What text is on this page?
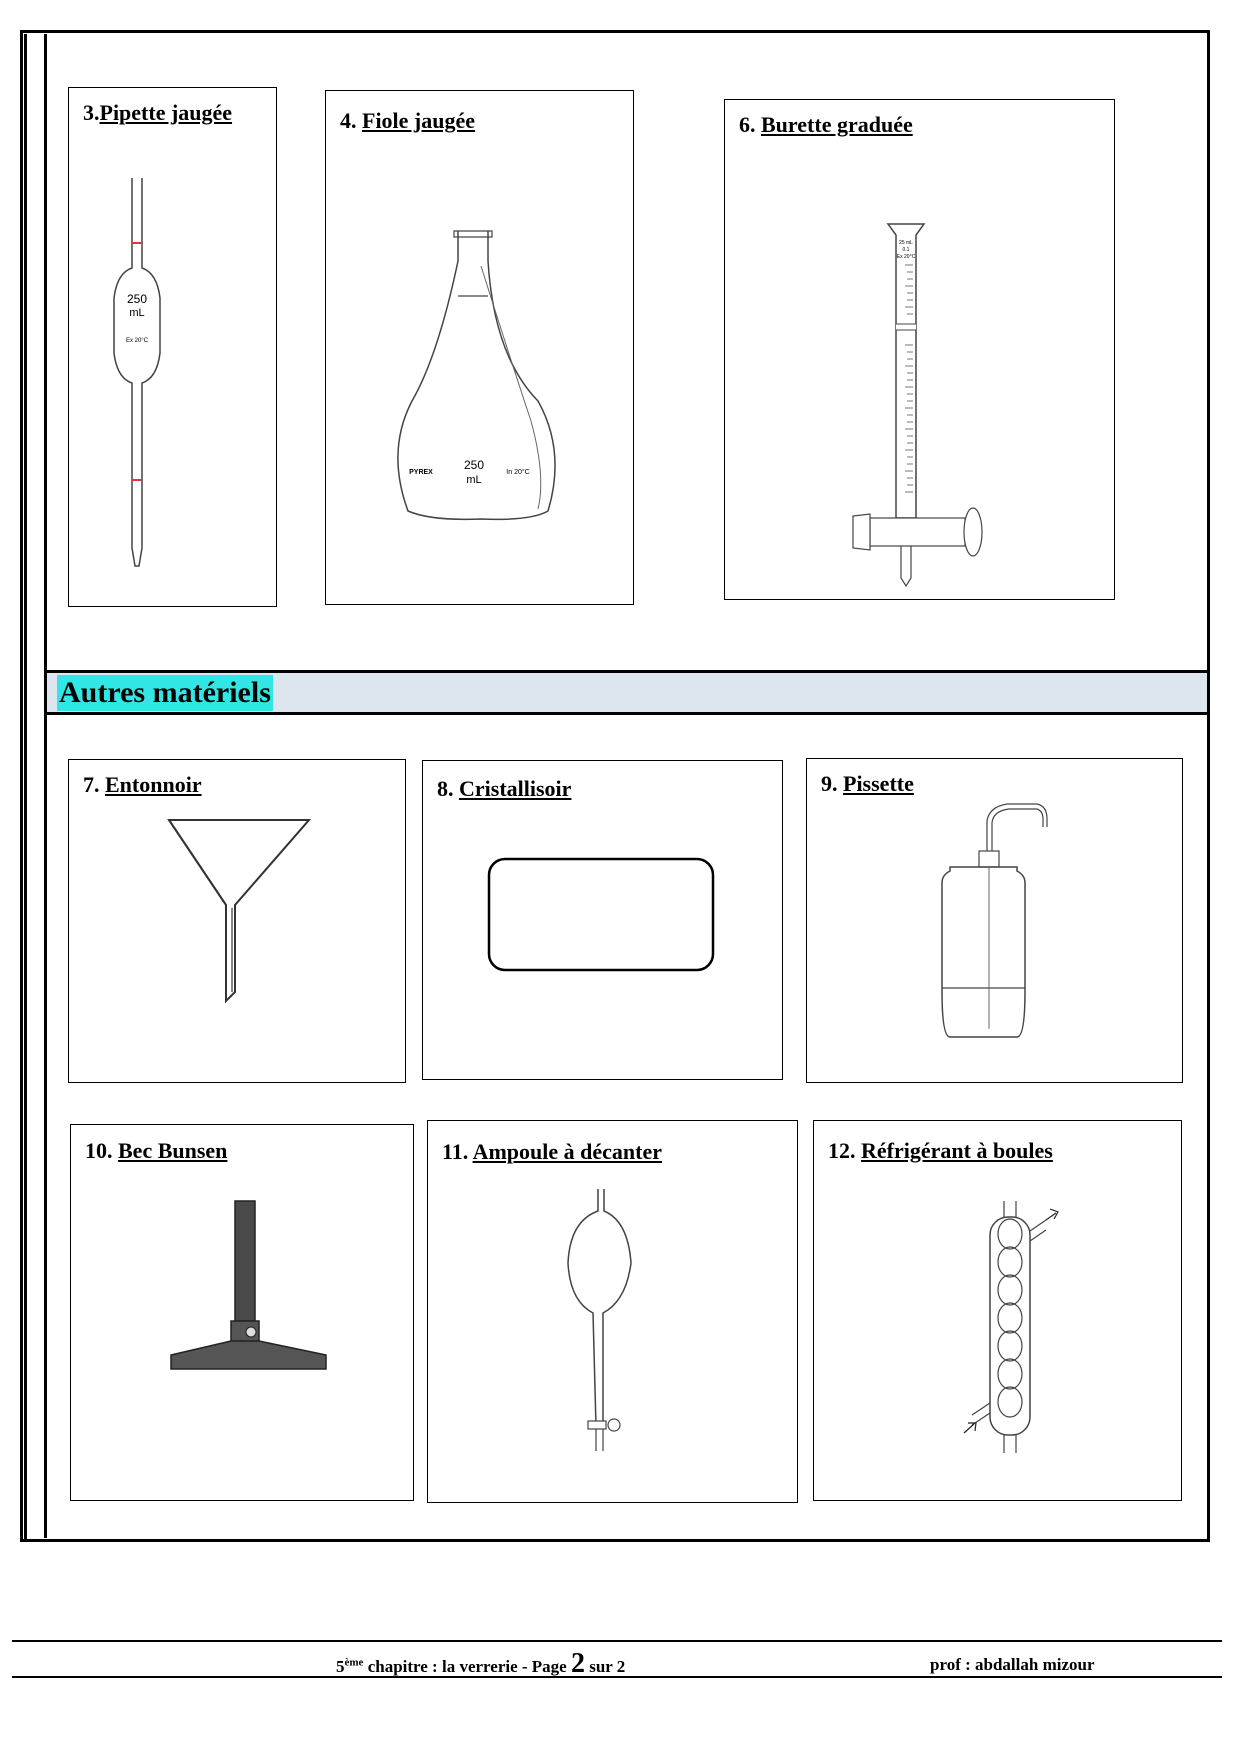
3.Pipette jaugée
250
mL
Ex 20°C
4. Fiole jaugée
PYREX
250
mL
In 20°C
6. Burette graduée
25 mL
0.1
Ex 20°C
Autres matériels
7. Entonnoir	8. Cristallisoir	9. Pissette
10. Bec Bunsen	11. Ampoule à décanter	12. Réfrigérant à boules
5ème chapitre : la verrerie - Page 2 sur 2	prof : abdallah mizour
